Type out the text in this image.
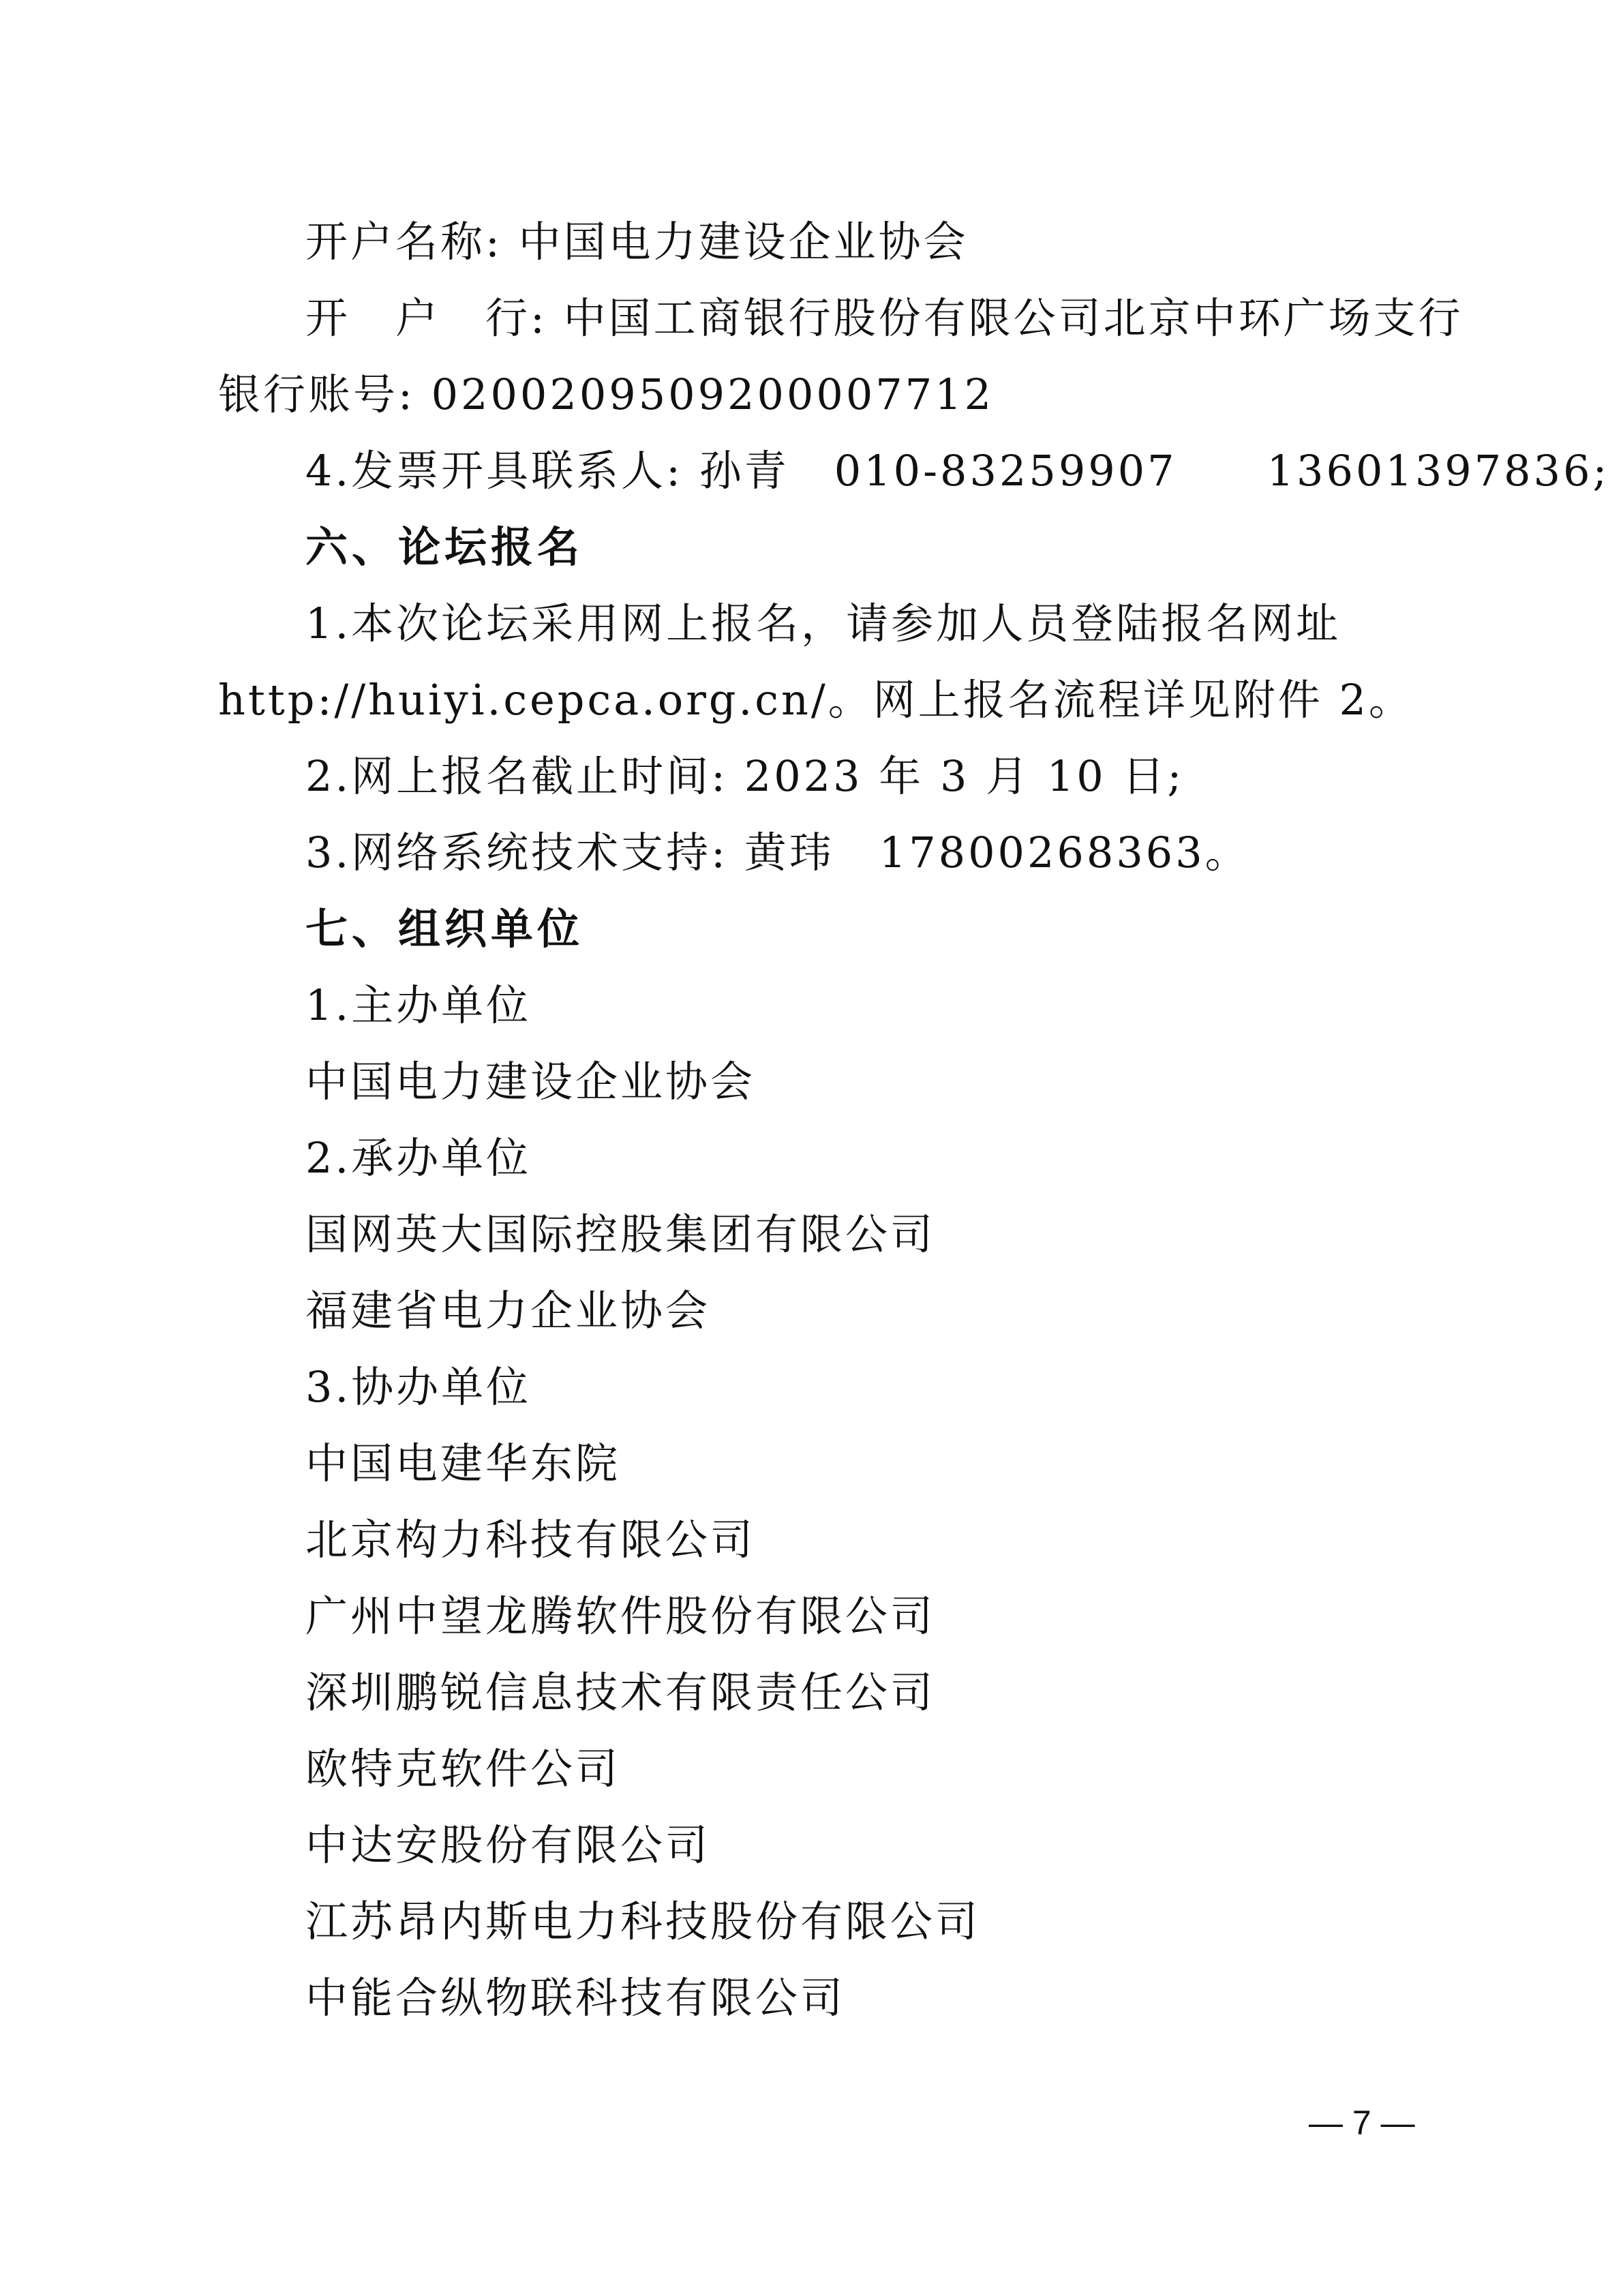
开户名称: 中国电力建设企业协会
开　户　行: 中国工商银行股份有限公司北京中环广场支行
银行账号: 0200209509200007712
4.发票开具联系人: 孙青　010-83259907　　13601397836;
六、论坛报名
1.本次论坛采用网上报名，请参加人员登陆报名网址
http://huiyi.cepca.org.cn/。网上报名流程详见附件 2。
2.网上报名截止时间: 2023 年 3 月 10 日;
3.网络系统技术支持: 黄玮　17800268363。
七、组织单位
1.主办单位
中国电力建设企业协会
2.承办单位
国网英大国际控股集团有限公司
福建省电力企业协会
3.协办单位
中国电建华东院
北京构力科技有限公司
广州中望龙腾软件股份有限公司
深圳鹏锐信息技术有限责任公司
欧特克软件公司
中达安股份有限公司
江苏昂内斯电力科技股份有限公司
中能合纵物联科技有限公司
— 7 —
